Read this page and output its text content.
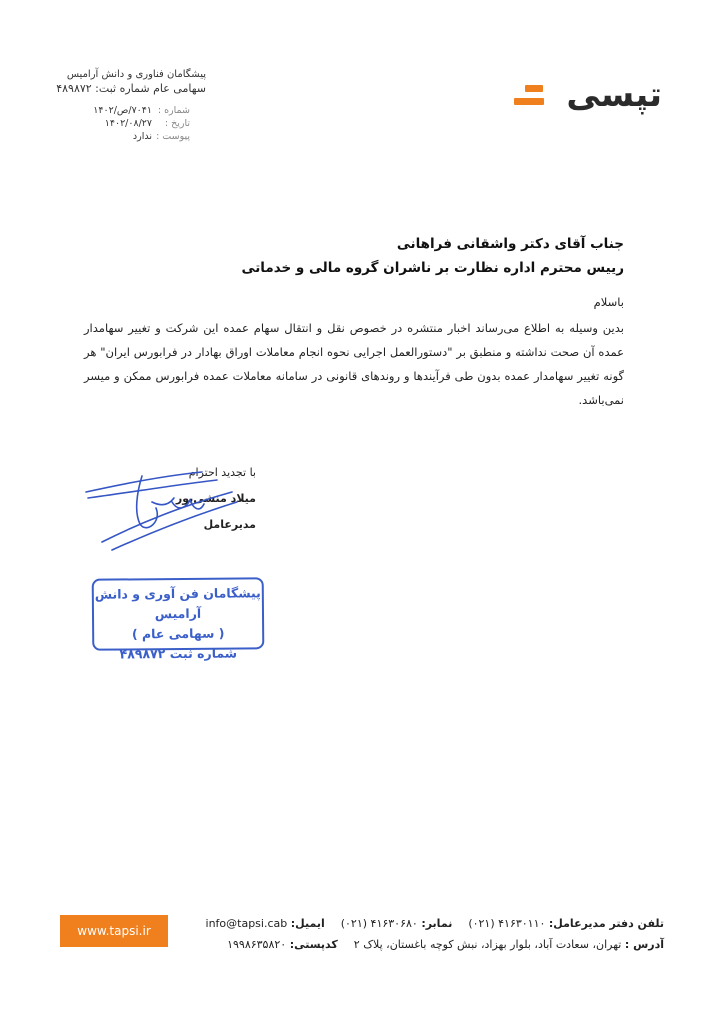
تپسی
پیشگامان فناوری و دانش آرامیس
سهامی عام شماره ثبت: ۴۸۹۸۷۲
شماره :
۷۰۴۱/ص/۱۴۰۲
تاریخ :
۱۴۰۲/۰۸/۲۷
پیوست :
ندارد
جناب آقای دکتر واشقانی فراهانی
رییس محترم اداره نظارت بر ناشران گروه مالی و خدماتی
باسلام
بدین وسیله به اطلاع می‌رساند اخبار منتشره در خصوص نقل و انتقال سهام عمده این شرکت و تغییر سهامدار عمده آن صحت نداشته و منطبق بر "دستورالعمل اجرایی نحوه انجام معاملات اوراق بهادار در فرابورس ایران" هر گونه تغییر سهامدار عمده بدون طی فرآیندها و روندهای قانونی در سامانه معاملات عمده فرابورس ممکن و میسر نمی‌باشد.
با تجدید احترام
میلاد منشی‌پور
مدیرعامل
پیشگامان فن آوری و دانش آرامیس
( سهامی عام )
شماره ثبت ۴۸۹۸۷۲
www.tapsi.ir
تلفن دفتر مدیرعامل: (۰۲۱) ۴۱۶۳۰۱۱۰
نمابر: (۰۲۱) ۴۱۶۳۰۶۸۰
ایمیل: info@tapsi.cab
آدرس : تهران، سعادت آباد، بلوار بهزاد، نبش کوچه باغستان، پلاک ۲
کدپستی: ۱۹۹۸۶۳۵۸۲۰
